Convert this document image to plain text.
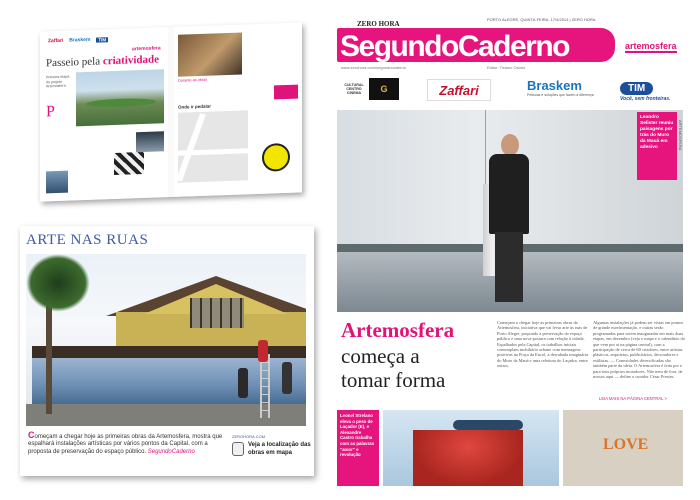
Zaffari Braskem	TIM
artemosfera
Passeio pela criatividade
Primeira etapa do projeto Artemosfera
P
Durante as obras
Onde ir pedalar
ARTE NAS RUAS
Começam a chegar hoje as primeiras obras da Artemosfera, mostra que espalhará instalações artísticas por vários pontos da Capital, com a proposta de preservação do espaço público. SegundoCaderno
ZEROHORA.COM
Veja a localização das obras em mapa
ZERO HORA
PORTO ALEGRE, QUINTA-FEIRA, 17/4/2014 | ZERO HORA
SegundoCaderno	artemosfera
www.zerohora.com/segundocaderno	Editor: Ticiano Osório
CULTURAL CENTRO CINEMA	G	Zaffari	Braskem
Pessoas e soluções que fazem a diferença
TIM
Você, sem fronteiras.
Leandro Selister reuniu paisagens por trás do Muro da Mauá em adesivo	ARTEMOSFERA
Artemosfera
começa a
tomar forma
Começam a chegar hoje as primeiras obras da Artemosfera, iniciativa que vai levar arte às ruas de Porto Alegre, propondo a preservação do espaço público e uma nova postura com relação à cidade. Espalhados pela Capital, os trabalhos iniciais contemplam mobiliário urbano com mensagens positivas na Praça da Encol, a derrubada imaginária do Muro da Mauá e uma releitura do Laçador, entre outros.
Algumas instalações já podem ser vistas em pontos de grande movimentação, e outras serão programadas para serem inauguradas em mais duas etapas, em dezembro (veja o mapa e o calendário do que vem por aí na página central), com a participação de cerca de 60 criadores, entre artistas plásticos, arquitetos, publicitários, decoradores e estilistas. — Conexidades diversificadas são também parte da ideia. O Artemosfera é feita por e para seus próprios moradores. Não nem de fora, de nossos aqui — define o curador César Prestes.
LEIA MAIS NA PÁGINA CENTRAL >
Leonel Strelano eleva o peso de Laçador (E), e Alexandre Castro trabalha com as palavras "amor" e revolução
LOVE
